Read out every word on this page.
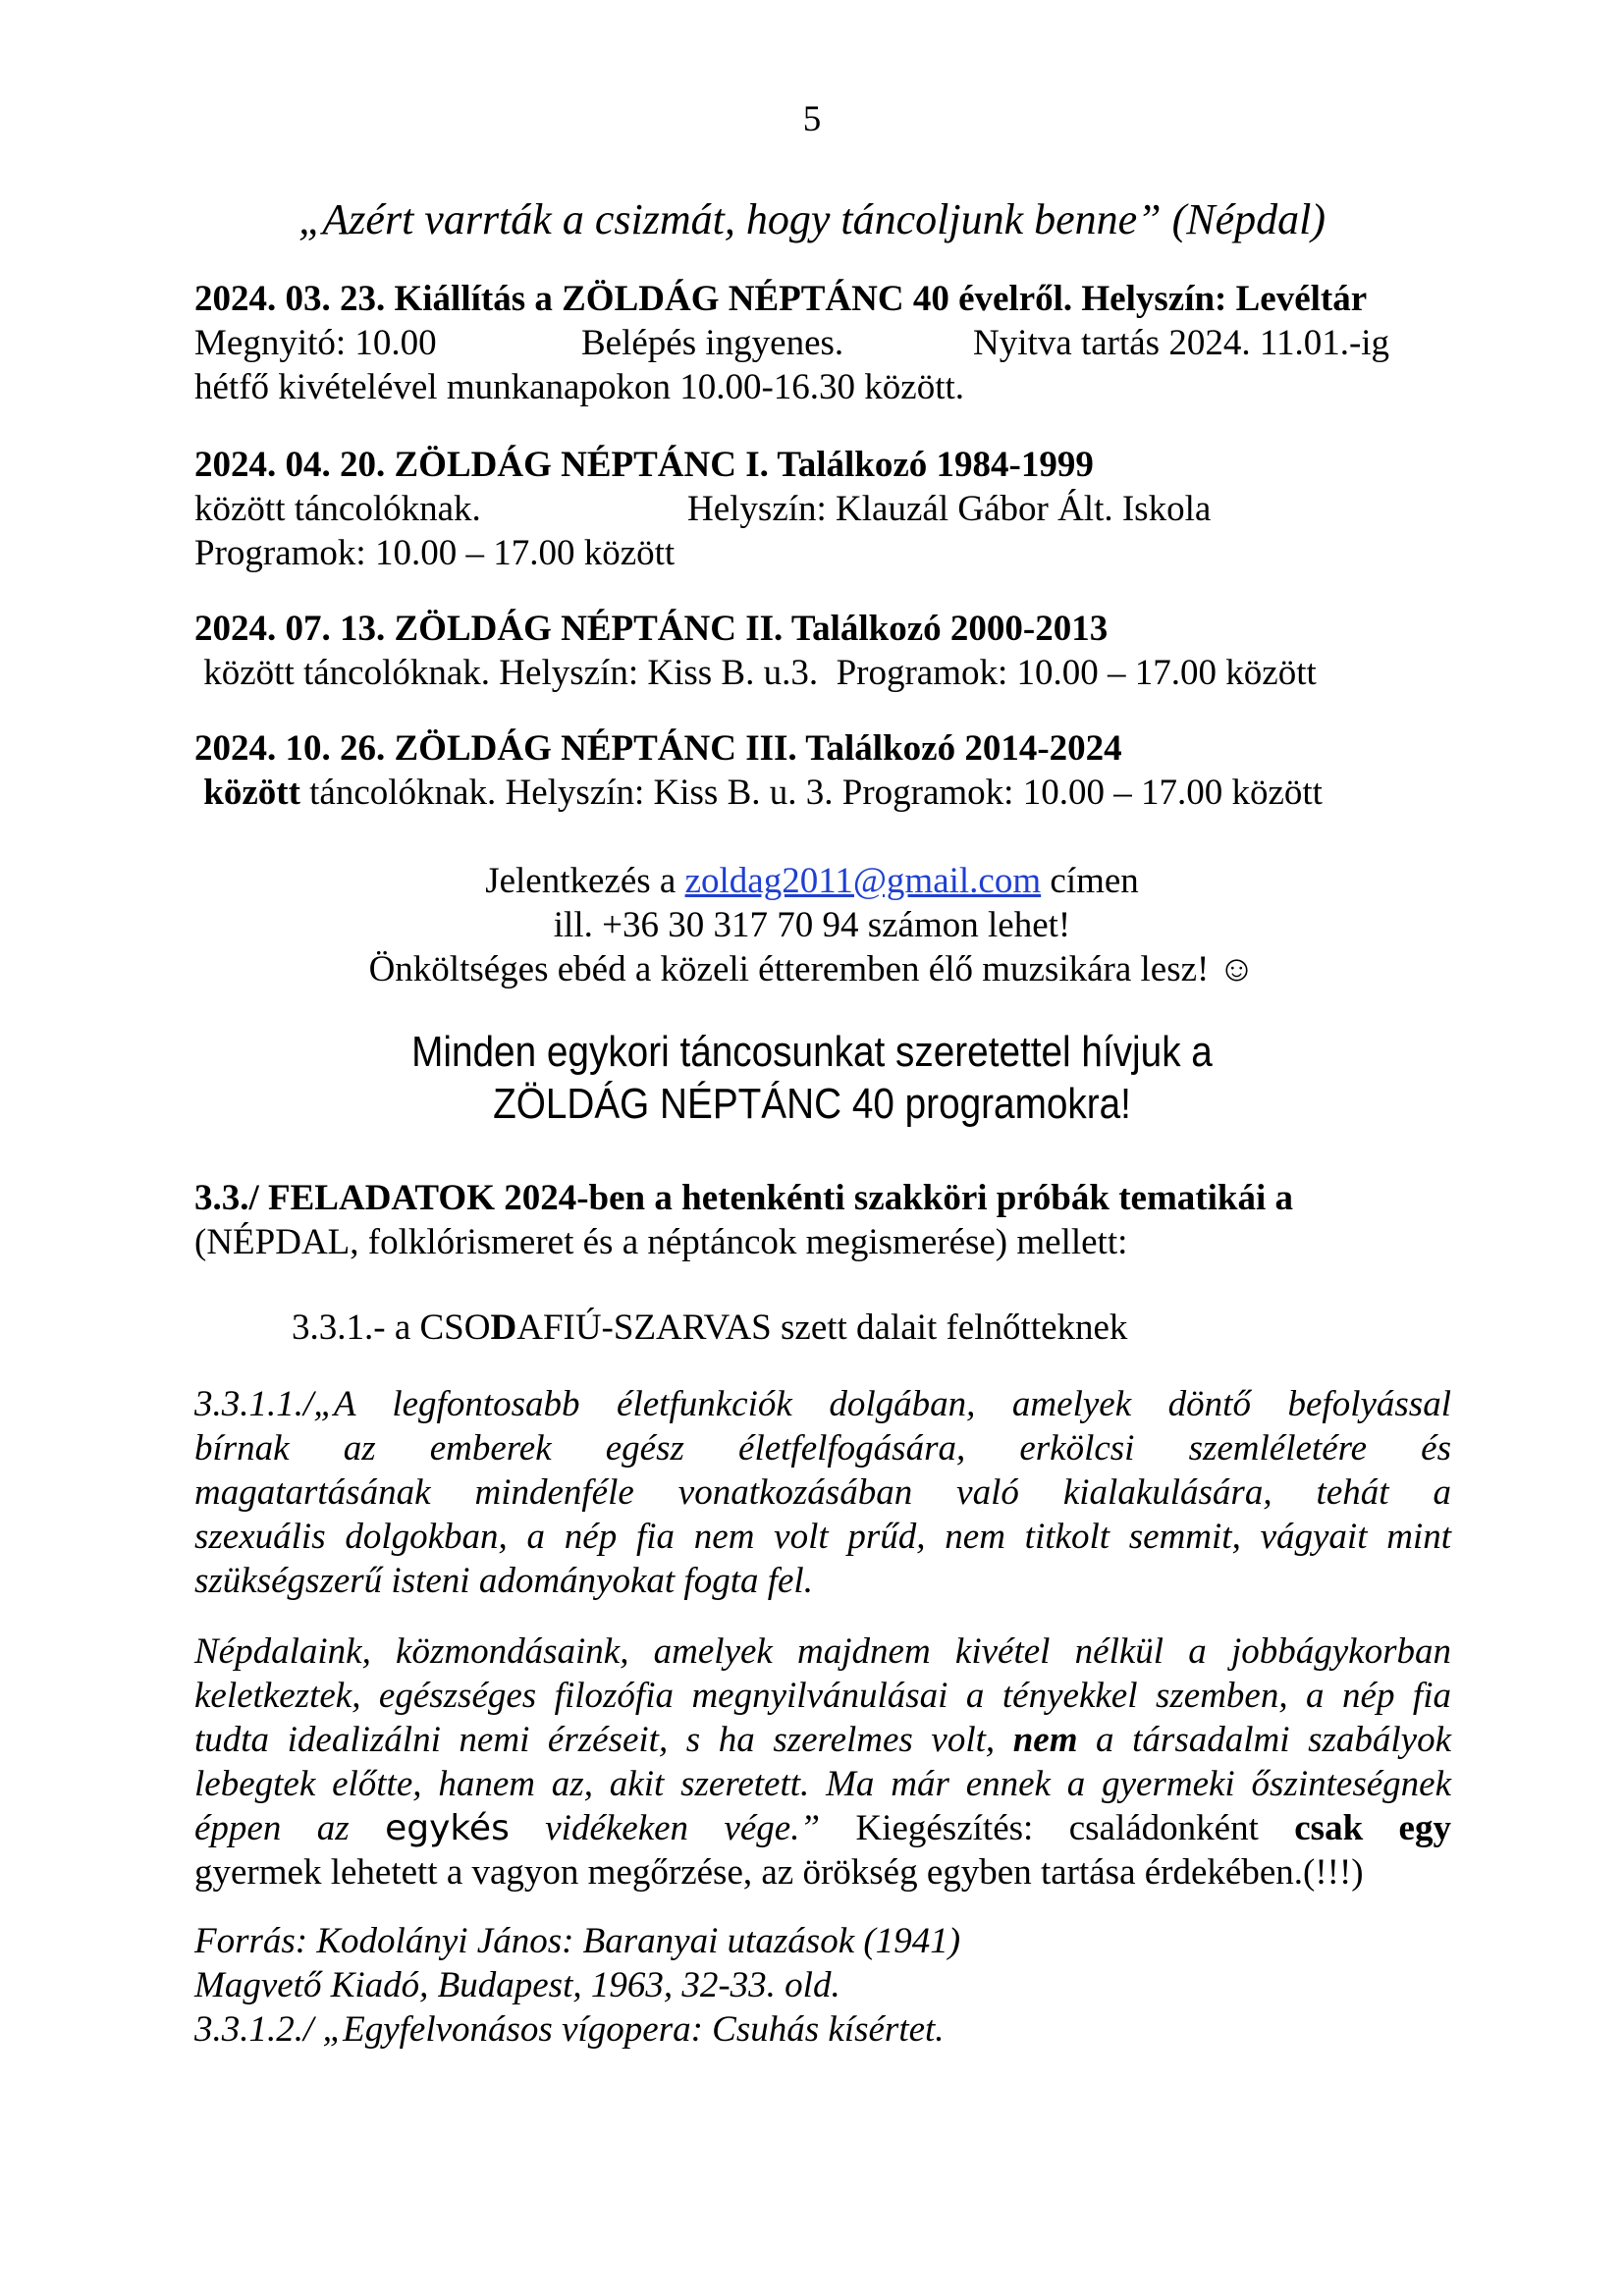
5
„Azért varrták a csizmát, hogy táncoljunk benne” (Népdal)
2024. 03. 23. Kiállítás a ZÖLDÁG NÉPTÁNC 40 évelről. Helyszín: Levéltár
Megnyitó: 10.00	Belépés ingyenes.	Nyitva tartás 2024. 11.01.-ig
hétfő kivételével munkanapokon 10.00-16.30 között.
2024. 04. 20. ZÖLDÁG NÉPTÁNC I. Találkozó 1984-1999
között táncolóknak.	Helyszín: Klauzál Gábor Ált. Iskola
Programok: 10.00 – 17.00 között
2024. 07. 13. ZÖLDÁG NÉPTÁNC II. Találkozó 2000-2013
között táncolóknak. Helyszín: Kiss B. u.3.  Programok: 10.00 – 17.00 között
2024. 10. 26. ZÖLDÁG NÉPTÁNC III. Találkozó 2014-2024
között táncolóknak. Helyszín: Kiss B. u. 3. Programok: 10.00 – 17.00 között
Jelentkezés a zoldag2011@gmail.com címen
ill. +36 30 317 70 94 számon lehet!
Önköltséges ebéd a közeli étteremben élő muzsikára lesz! ☺
Minden egykori táncosunkat szeretettel hívjuk a
ZÖLDÁG NÉPTÁNC 40 programokra!
3.3./ FELADATOK 2024-ben a hetenkénti szakköri próbák tematikái a
(NÉPDAL, folklórismeret és a néptáncok megismerése) mellett:
3.3.1.- a CSODAFIÚ-SZARVAS szett dalait felnőtteknek
3.3.1.1./„A legfontosabb életfunkciók dolgában, amelyek döntő befolyással
bírnak az emberek egész életfelfogására, erkölcsi szemléletére és
magatartásának mindenféle vonatkozásában való kialakulására, tehát a
szexuális dolgokban, a nép fia nem volt prűd, nem titkolt semmit, vágyait mint
szükségszerű isteni adományokat fogta fel.
Népdalaink, közmondásaink, amelyek majdnem kivétel nélkül a jobbágykorban
keletkeztek, egészséges filozófia megnyilvánulásai a tényekkel szemben, a nép fia
tudta idealizálni nemi érzéseit, s ha szerelmes volt, nem a társadalmi szabályok
lebegtek előtte, hanem az, akit szeretett. Ma már ennek a gyermeki őszinteségnek
éppen az egykés vidékeken vége.” Kiegészítés: családonként csak egy
gyermek lehetett a vagyon megőrzése, az örökség egyben tartása érdekében.(!!!)
Forrás: Kodolányi János: Baranyai utazások (1941)
Magvető Kiadó, Budapest, 1963, 32-33. old.
3.3.1.2./ „Egyfelvonásos vígopera: Csuhás kísértet.
